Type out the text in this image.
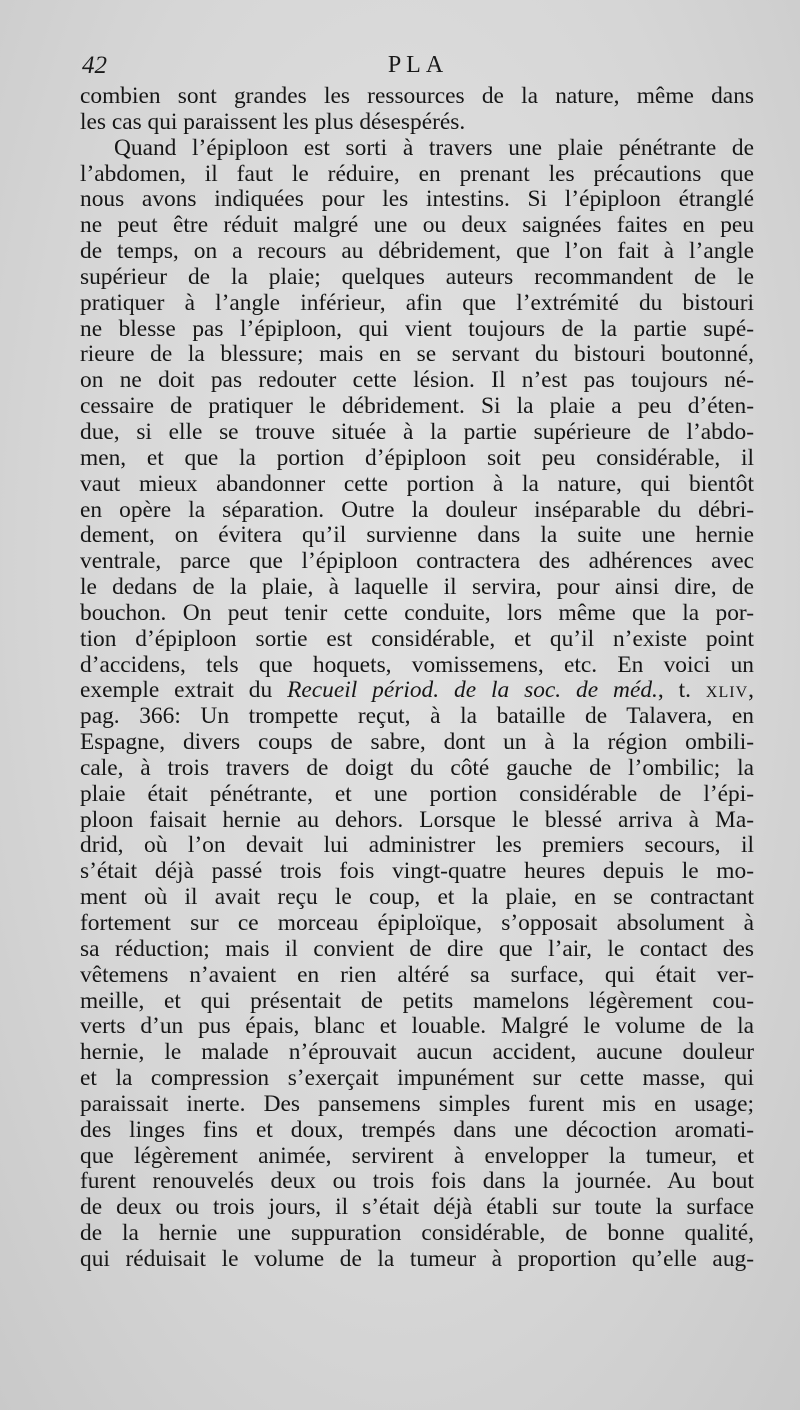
42	PLA
combien sont grandes les ressources de la nature, même dans
les cas qui paraissent les plus désespérés.
Quand l’épiploon est sorti à travers une plaie pénétrante de
l’abdomen, il faut le réduire, en prenant les précautions que
nous avons indiquées pour les intestins. Si l’épiploon étranglé
ne peut être réduit malgré une ou deux saignées faites en peu
de temps, on a recours au débridement, que l’on fait à l’angle
supérieur de la plaie; quelques auteurs recommandent de le
pratiquer à l’angle inférieur, afin que l’extrémité du bistouri
ne blesse pas l’épiploon, qui vient toujours de la partie supé-
rieure de la blessure; mais en se servant du bistouri boutonné,
on ne doit pas redouter cette lésion. Il n’est pas toujours né-
cessaire de pratiquer le débridement. Si la plaie a peu d’éten-
due, si elle se trouve située à la partie supérieure de l’abdo-
men, et que la portion d’épiploon soit peu considérable, il
vaut mieux abandonner cette portion à la nature, qui bientôt
en opère la séparation. Outre la douleur inséparable du débri-
dement, on évitera qu’il survienne dans la suite une hernie
ventrale, parce que l’épiploon contractera des adhérences avec
le dedans de la plaie, à laquelle il servira, pour ainsi dire, de
bouchon. On peut tenir cette conduite, lors même que la por-
tion d’épiploon sortie est considérable, et qu’il n’existe point
d’accidens, tels que hoquets, vomissemens, etc. En voici un
exemple extrait du Recueil périod. de la soc. de méd., t. xliv,
pag. 366: Un trompette reçut, à la bataille de Talavera, en
Espagne, divers coups de sabre, dont un à la région ombili-
cale, à trois travers de doigt du côté gauche de l’ombilic; la
plaie était pénétrante, et une portion considérable de l’épi-
ploon faisait hernie au dehors. Lorsque le blessé arriva à Ma-
drid, où l’on devait lui administrer les premiers secours, il
s’était déjà passé trois fois vingt-quatre heures depuis le mo-
ment où il avait reçu le coup, et la plaie, en se contractant
fortement sur ce morceau épiploïque, s’opposait absolument à
sa réduction; mais il convient de dire que l’air, le contact des
vêtemens n’avaient en rien altéré sa surface, qui était ver-
meille, et qui présentait de petits mamelons légèrement cou-
verts d’un pus épais, blanc et louable. Malgré le volume de la
hernie, le malade n’éprouvait aucun accident, aucune douleur
et la compression s’exerçait impunément sur cette masse, qui
paraissait inerte. Des pansemens simples furent mis en usage;
des linges fins et doux, trempés dans une décoction aromati-
que légèrement animée, servirent à envelopper la tumeur, et
furent renouvelés deux ou trois fois dans la journée. Au bout
de deux ou trois jours, il s’était déjà établi sur toute la surface
de la hernie une suppuration considérable, de bonne qualité,
qui réduisait le volume de la tumeur à proportion qu’elle aug-
